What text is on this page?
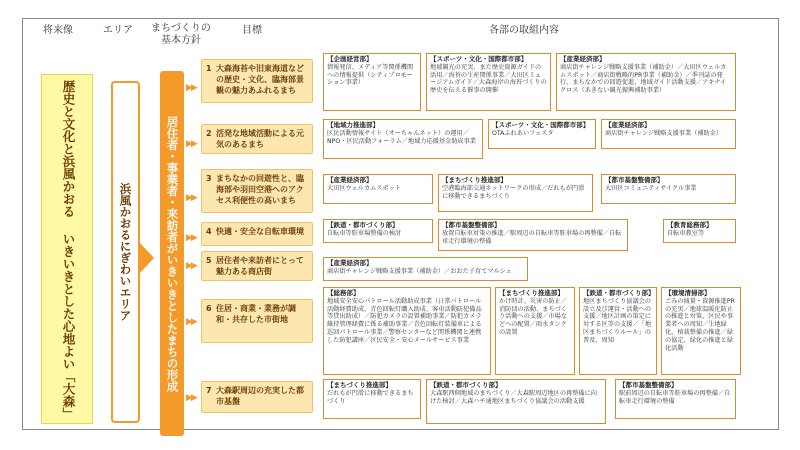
将来像	エリア まちづくりの
基本方針
目標	各部の取組内容
歴史と文化と浜風かおる いきいきとした心地よい「大森」	浜風かおるにぎわいエリア	居住者・事業者・来訪者がいきいきとしたまちの形成
▶▶
▶▶
▶▶
▶▶
▶▶
▶▶
▶▶
1 大森海苔や旧東海道などの歴史・文化、臨海部景観の魅力あふれるまち
2 活発な地域活動による元気のあるまち
3 まちなかの回遊性と、臨海部や羽田空港へのアクセス利便性の高いまち
4 快適・安全な自転車環境
5 居住者や来訪者にとって魅力ある商店街
6 住居・商業・業務が調和・共存した市街地
7 大森駅周辺の充実した都市基盤
【企画経営部】
情報発信、メディア等関係機関への情報提供（シティプロモーション事業）
【スポーツ・文化・国際都市部】
地域観光の充実、また歴史資源ガイドの活用／海苔の生産関係事業／大田区ミュージアムガイド／大森海岸の海苔づくりの歴史を伝える催事の開催
【産業経済部】
商店街チャレンジ戦略支援事業（補助金）／大田区ウェルカムスポット／商店街戦略的PR事業（補助金）／季刊誌の発行、まちなかでの回遊促進、地域ガイド活動支援／アキナイクロス（あきない観光振興補助事業）
【地域力推進部】
区民活動情報サイト（オーちゃんネット）の運用／NPO・区民活動フォーラム／地域力応援基金助成事業
【スポーツ・文化・国際都市部】
OTAふれあいフェスタ
【産業経済部】
商店街チャレンジ戦略支援事業（補助金）
【産業経済部】
大田区ウェルカムスポット
【まちづくり推進部】
空港臨海部交通ネットワークの形成／だれもが円滑に移動できるまちづくり
【都市基盤整備部】
大田区コミュニティサイクル事業
【鉄道・都市づくり部】
自転車等駐車場整備の検討
【都市基盤整備部】
放置自転車対策の推進／駅周辺の自転車等駐車場の再整備／自転車走行環境の整備
【教育総務部】
自転車教室等
【産業経済部】
商店街チャレンジ戦略支援事業（補助金）／おおた子育てマルシェ
【総務部】
地域安全安心パトロール活動助成事業（日常パトロール活動経費助成、青色回転灯購入助成、客車活動防犯備品等貸出助成）／防犯カメラの設置補助事業／防犯カメラ維持管理経費に係る補助事業／青色回転灯装備車による巡回パトロール事業／警察センターなど関係機関と連携した防犯講座／区民安全・安心メールサービス事業
【まちづくり推進部】
かけ時計、災害の防止／消防団の活動、まちづくり活動への支援／市場などへの配置／雨水タンクの設置
【鉄道・都市づくり部】
地区まちづくり協議会の設立及び運営・活動への支援／地区計画の策定に対する区等の支援／「地区まちづくりルール」の普及、周知
【環境清掃部】
ごみの減量・資源推進PRの充実／地球温暖化防止の推進と対策、区民や事業者への周知／生地緑化、植栽整備の推進／緑の協定、緑化の推進と緑化活動
【まちづくり推進部】
だれもが円滑に移動できるまちづくり
【鉄道・都市づくり部】
大森駅西側地域のまちづくり／大森駅周辺地区の再整備に向けた検討／大森ハチ通地区まちづくり協議会の活動支援
【都市基盤整備部】
駅前周辺の自転車等駐車場の再整備／自転車走行環境の整備
